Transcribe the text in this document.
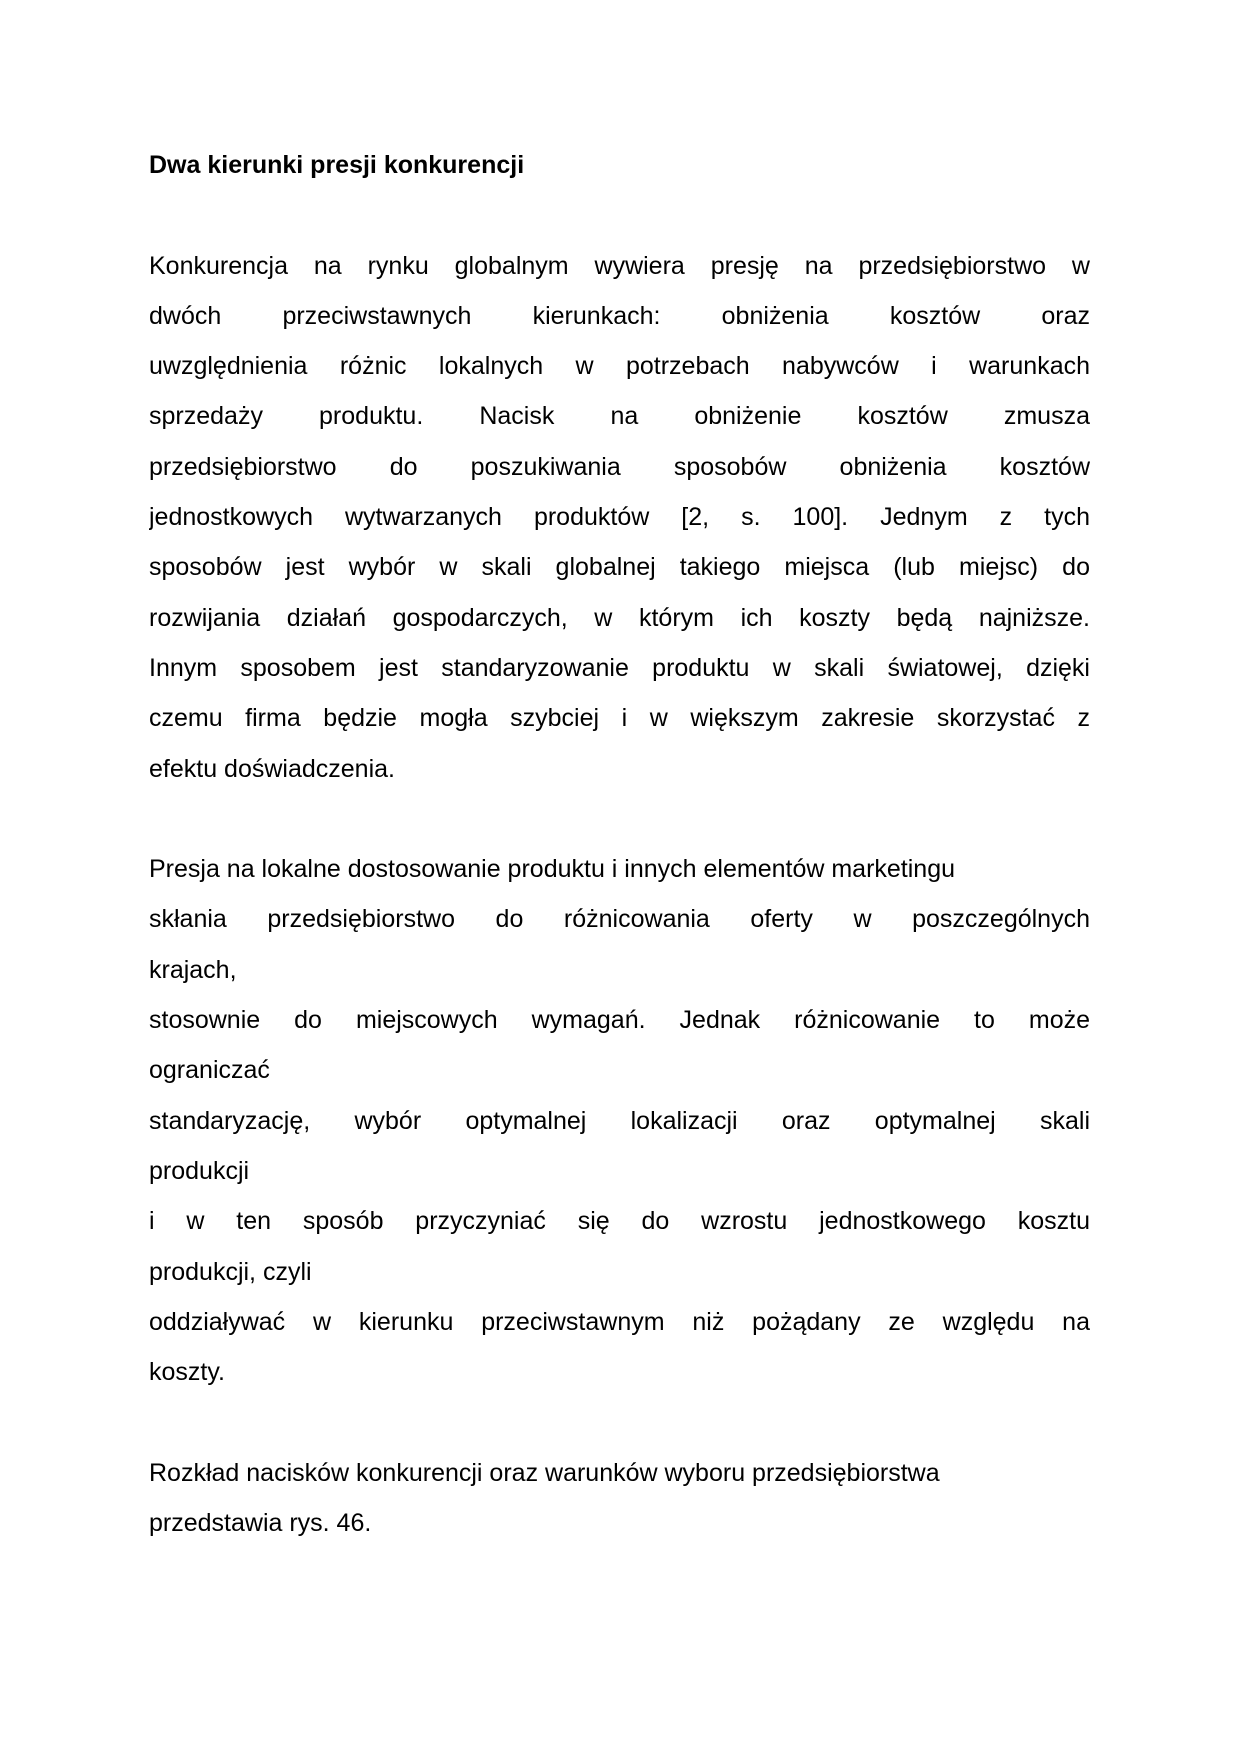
Dwa kierunki presji konkurencji
Konkurencja na rynku globalnym wywiera presję na przedsiębiorstwo w
dwóch przeciwstawnych kierunkach: obniżenia kosztów oraz
uwzględnienia różnic lokalnych w potrzebach nabywców i warunkach
sprzedaży produktu. Nacisk na obniżenie kosztów zmusza
przedsiębiorstwo do poszukiwania sposobów obniżenia kosztów
jednostkowych wytwarzanych produktów [2, s. 100]. Jednym z tych
sposobów jest wybór w skali globalnej takiego miejsca (lub miejsc) do
rozwijania działań gospodarczych, w którym ich koszty będą najniższe.
Innym sposobem jest standaryzowanie produktu w skali światowej, dzięki
czemu firma będzie mogła szybciej i w większym zakresie skorzystać z
efektu doświadczenia.
Presja na lokalne dostosowanie produktu i innych elementów marketingu
skłania przedsiębiorstwo do różnicowania oferty w poszczególnych
krajach,
stosownie do miejscowych wymagań. Jednak różnicowanie to może
ograniczać
standaryzację, wybór optymalnej lokalizacji oraz optymalnej skali
produkcji
i w ten sposób przyczyniać się do wzrostu jednostkowego kosztu
produkcji, czyli
oddziaływać w kierunku przeciwstawnym niż pożądany ze względu na
koszty.
Rozkład nacisków konkurencji oraz warunków wyboru przedsiębiorstwa
przedstawia rys. 46.
